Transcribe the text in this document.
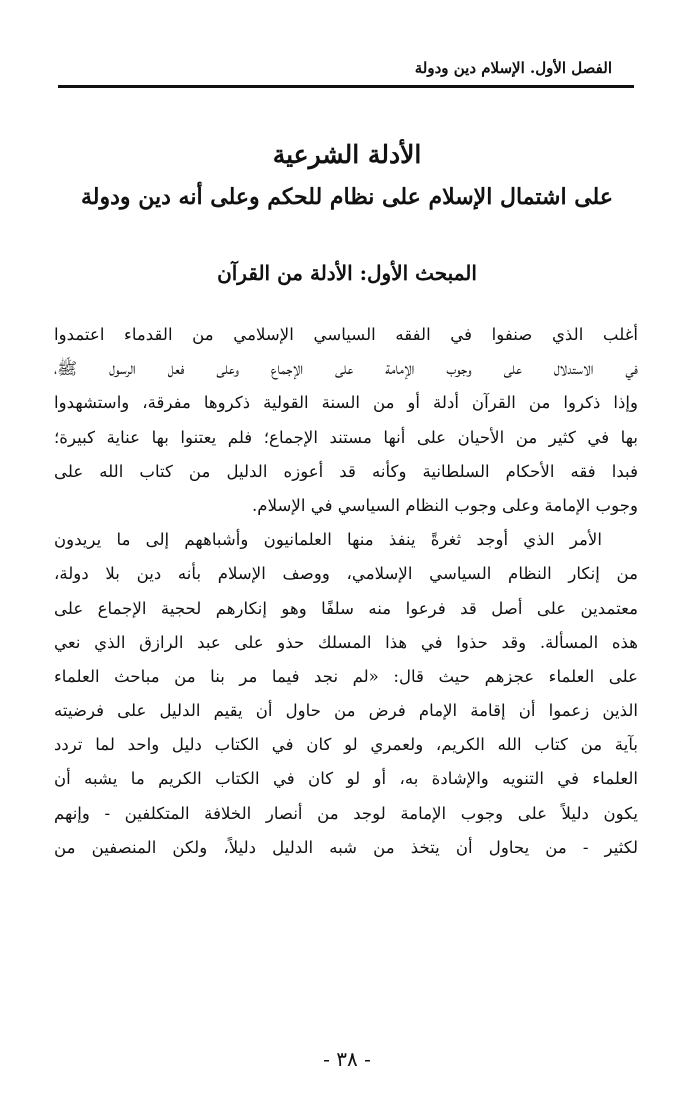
الفصل الأول. الإسلام دين ودولة
الأدلة الشرعية
على اشتمال الإسلام على نظام للحكم وعلى أنه دين ودولة
المبحث الأول: الأدلة من القرآن
أغلب الذي صنفوا في الفقه السياسي الإسلامي من القدماء اعتمدوا
في الاستدلال على وجوب الإمامة على الإجماع وعلى فعل الرسول ﷺ،
وإذا ذكروا من القرآن أدلة أو من السنة القولية ذكروها مفرقة، واستشهدوا
بها في كثير من الأحيان على أنها مستند الإجماع؛ فلم يعتنوا بها عناية كبيرة؛
فبدا فقه الأحكام السلطانية وكأنه قد أعوزه الدليل من كتاب الله على
وجوب الإمامة وعلى وجوب النظام السياسي في الإسلام.
الأمر الذي أوجد ثغرةً ينفذ منها العلمانيون وأشباههم إلى ما يريدون
من إنكار النظام السياسي الإسلامي، ووصف الإسلام بأنه دين بلا دولة،
معتمدين على أصل قد فرعوا منه سلفًا وهو إنكارهم لحجية الإجماع على
هذه المسألة. وقد حذوا في هذا المسلك حذو على عبد الرازق الذي نعي
على العلماء عجزهم حيث قال: «لم نجد فيما مر بنا من مباحث العلماء
الذين زعموا أن إقامة الإمام فرض من حاول أن يقيم الدليل على فرضيته
بآية من كتاب الله الكريم، ولعمري لو كان في الكتاب دليل واحد لما تردد
العلماء في التنويه والإشادة به، أو لو كان في الكتاب الكريم ما يشبه أن
يكون دليلاً على وجوب الإمامة لوجد من أنصار الخلافة المتكلفين - وإنهم
لكثير - من يحاول أن يتخذ من شبه الدليل دليلاً، ولكن المنصفين من
- ٣٨ -
